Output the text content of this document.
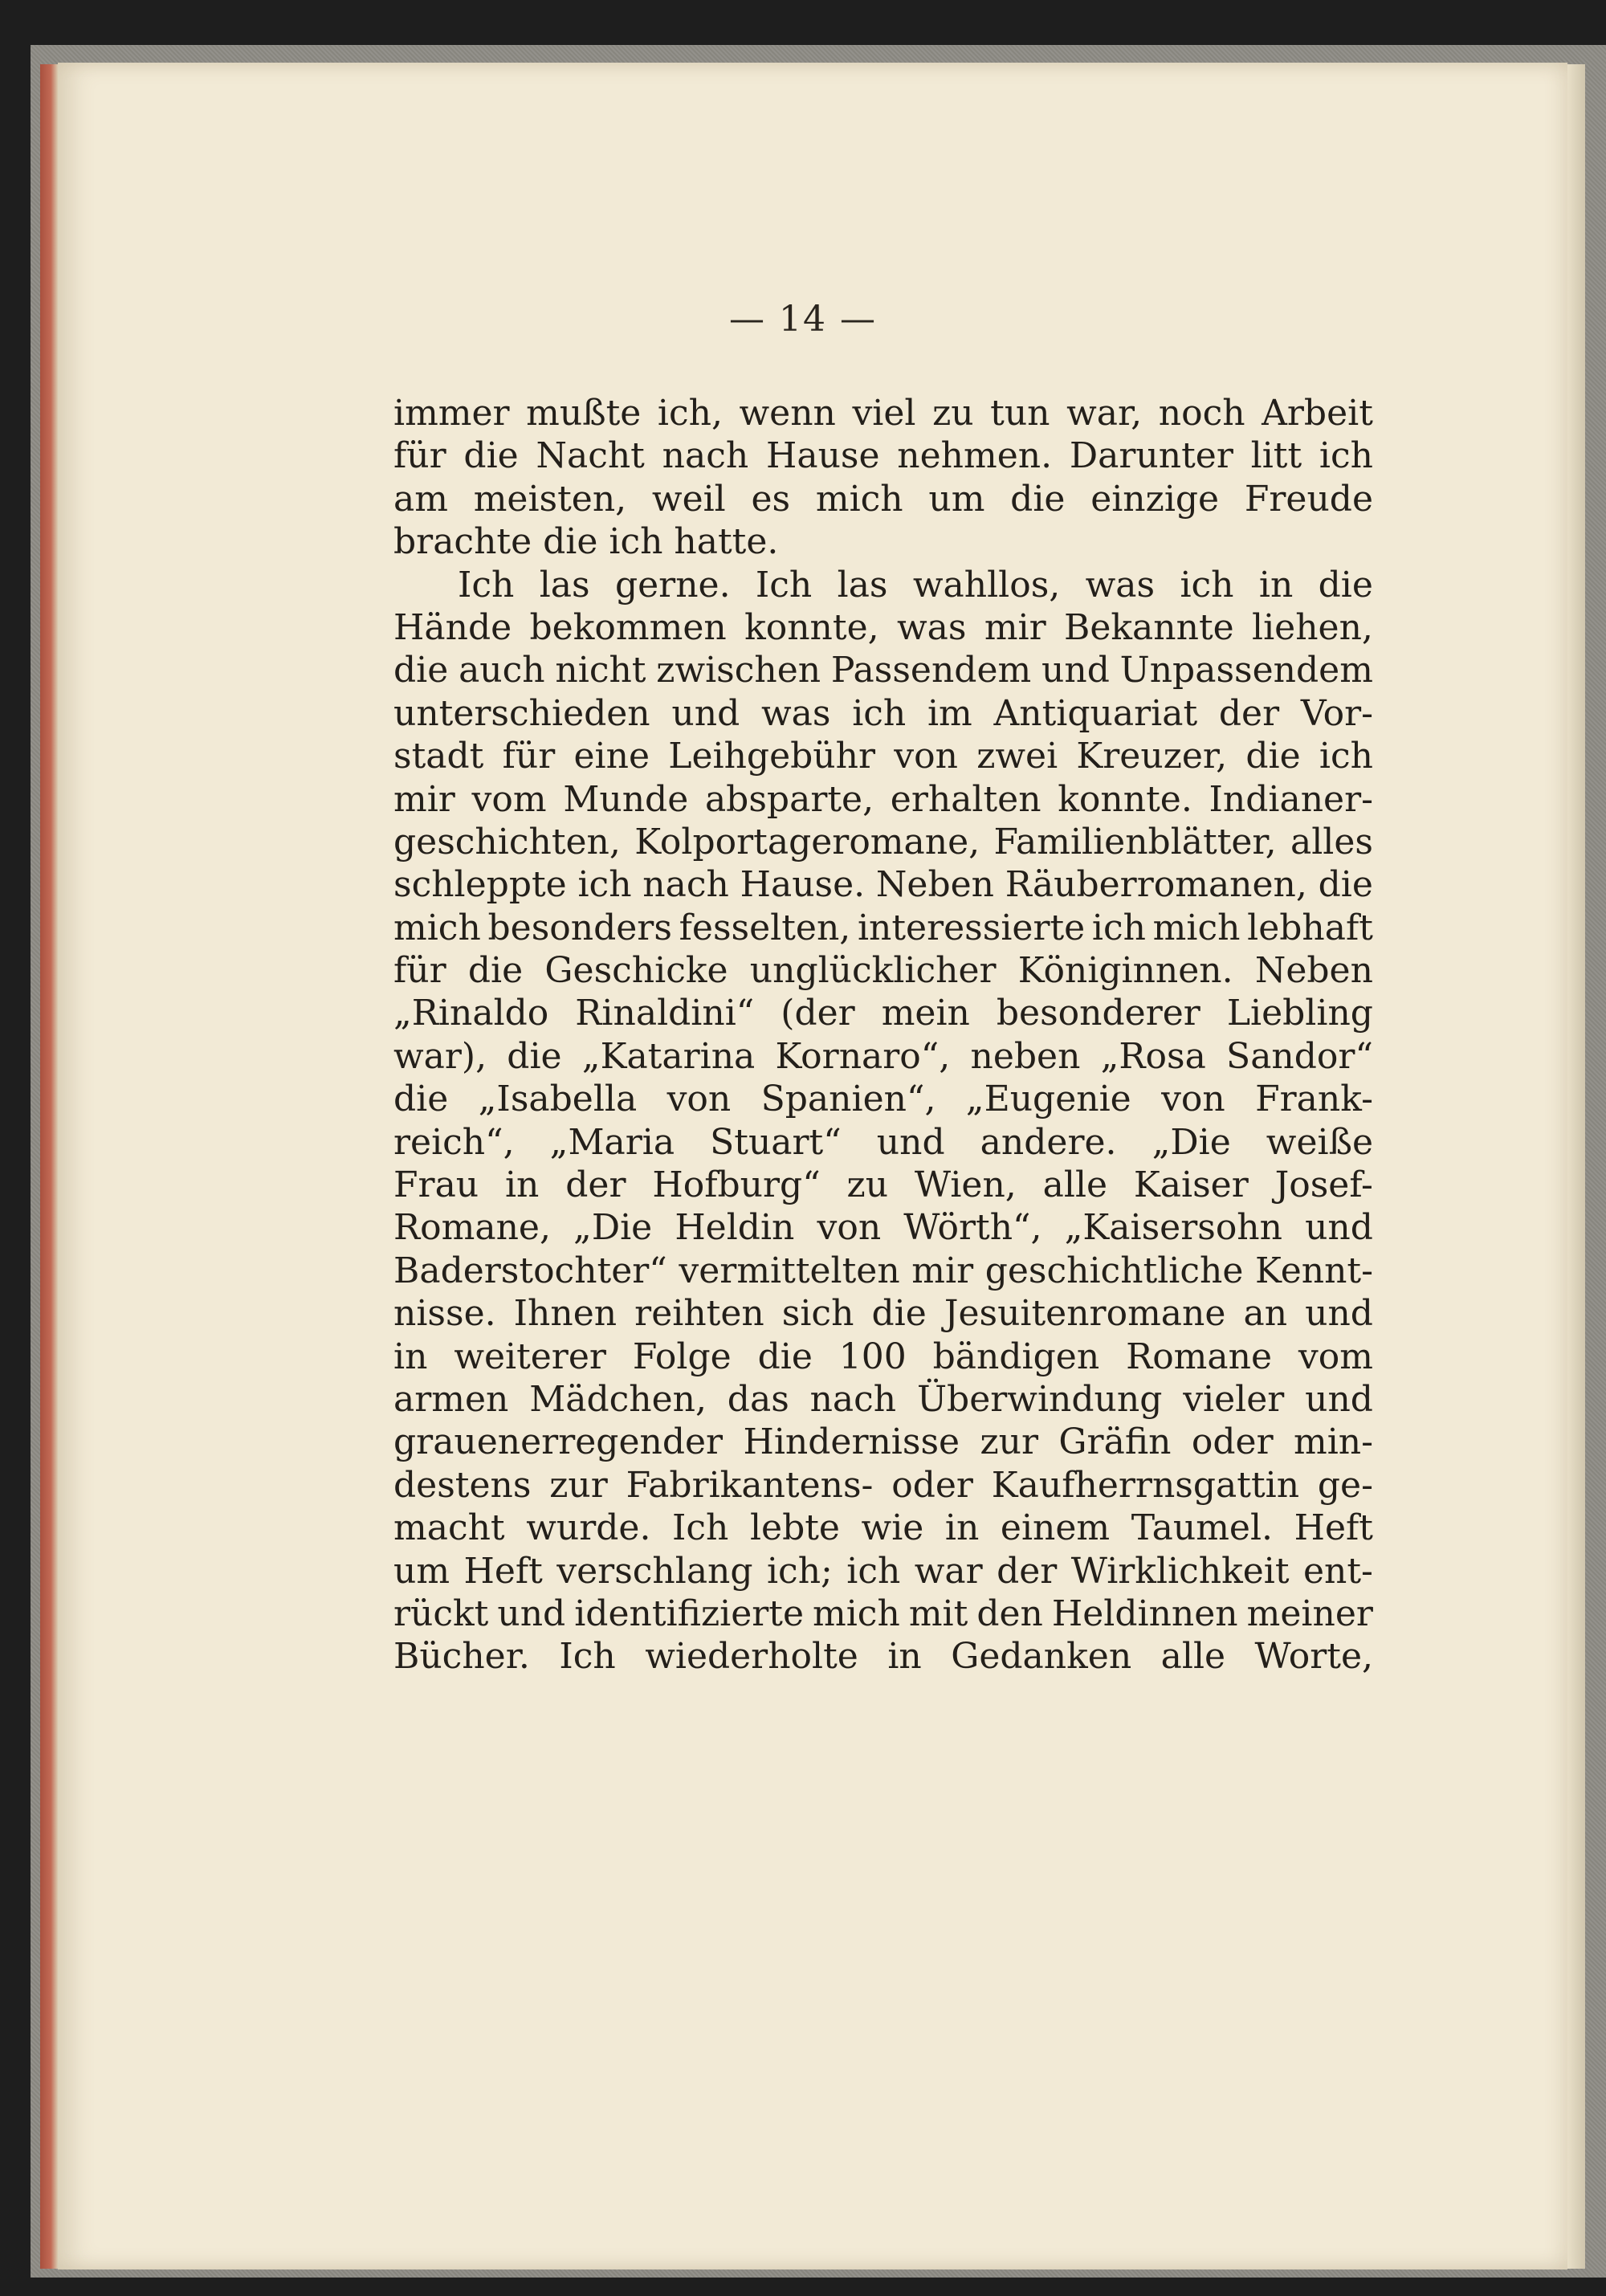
— 14 —
immer mußte ich, wenn viel zu tun war, noch Arbeit
für die Nacht nach Hause nehmen. Darunter litt ich
am meisten, weil es mich um die einzige Freude
brachte die ich hatte.
Ich las gerne. Ich las wahllos, was ich in die
Hände bekommen konnte, was mir Bekannte liehen,
die auch nicht zwischen Passendem und Unpassendem
unterschieden und was ich im Antiquariat der Vor-
stadt für eine Leihgebühr von zwei Kreuzer, die ich
mir vom Munde absparte, erhalten konnte. Indianer-
geschichten, Kolportageromane, Familienblätter, alles
schleppte ich nach Hause. Neben Räuberromanen, die
mich besonders fesselten, interessierte ich mich lebhaft
für die Geschicke unglücklicher Königinnen. Neben
„Rinaldo Rinaldini“ (der mein besonderer Liebling
war), die „Katarina Kornaro“, neben „Rosa Sandor“
die „Isabella von Spanien“, „Eugenie von Frank-
reich“, „Maria Stuart“ und andere. „Die weiße
Frau in der Hofburg“ zu Wien, alle Kaiser Josef-
Romane, „Die Heldin von Wörth“, „Kaisersohn und
Baderstochter“ vermittelten mir geschichtliche Kennt-
nisse. Ihnen reihten sich die Jesuitenromane an und
in weiterer Folge die 100 bändigen Romane vom
armen Mädchen, das nach Überwindung vieler und
grauenerregender Hindernisse zur Gräfin oder min-
destens zur Fabrikantens- oder Kaufherrnsgattin ge-
macht wurde. Ich lebte wie in einem Taumel. Heft
um Heft verschlang ich; ich war der Wirklichkeit ent-
rückt und identifizierte mich mit den Heldinnen meiner
Bücher. Ich wiederholte in Gedanken alle Worte,
